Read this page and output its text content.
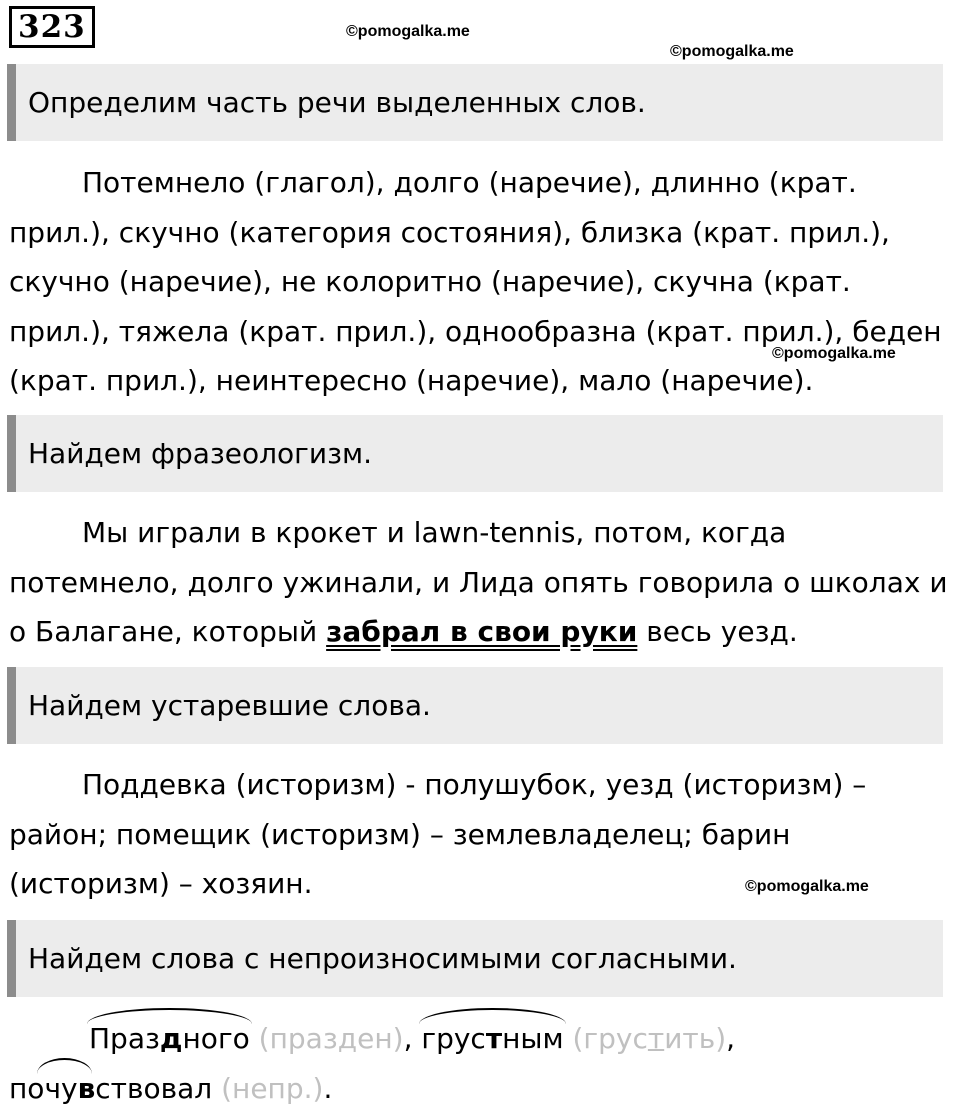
323	©pomogalka.me
©pomogalka.me
©pomogalka.me
©pomogalka.me
Определим часть речи выделенных слов.

Потемнело (глагол), долго (наречие), длинно (крат. прил.), скучно (категория состояния), близка (крат. прил.), скучно (наречие), не колоритно (наречие), скучна (крат. прил.), тяжела (крат. прил.), однообразна (крат. прил.), беден (крат. прил.), неинтересно (наречие), мало (наречие).

Найдем фразеологизм.

Мы играли в крокет и lawn-tennis, потом, когда потемнело, долго ужинали, и Лида опять говорила о школах и о Балагане, который забрал в свои руки весь уезд.

Найдем устаревшие слова.

Поддевка (историзм) - полушубок, уезд (историзм) – район; помещик (историзм) – землевладелец; барин (историзм) – хозяин.

Найдем слова с непроизносимыми согласными.

Праздного (празден),
грустным (грустить),

почувствовал (непр.).
